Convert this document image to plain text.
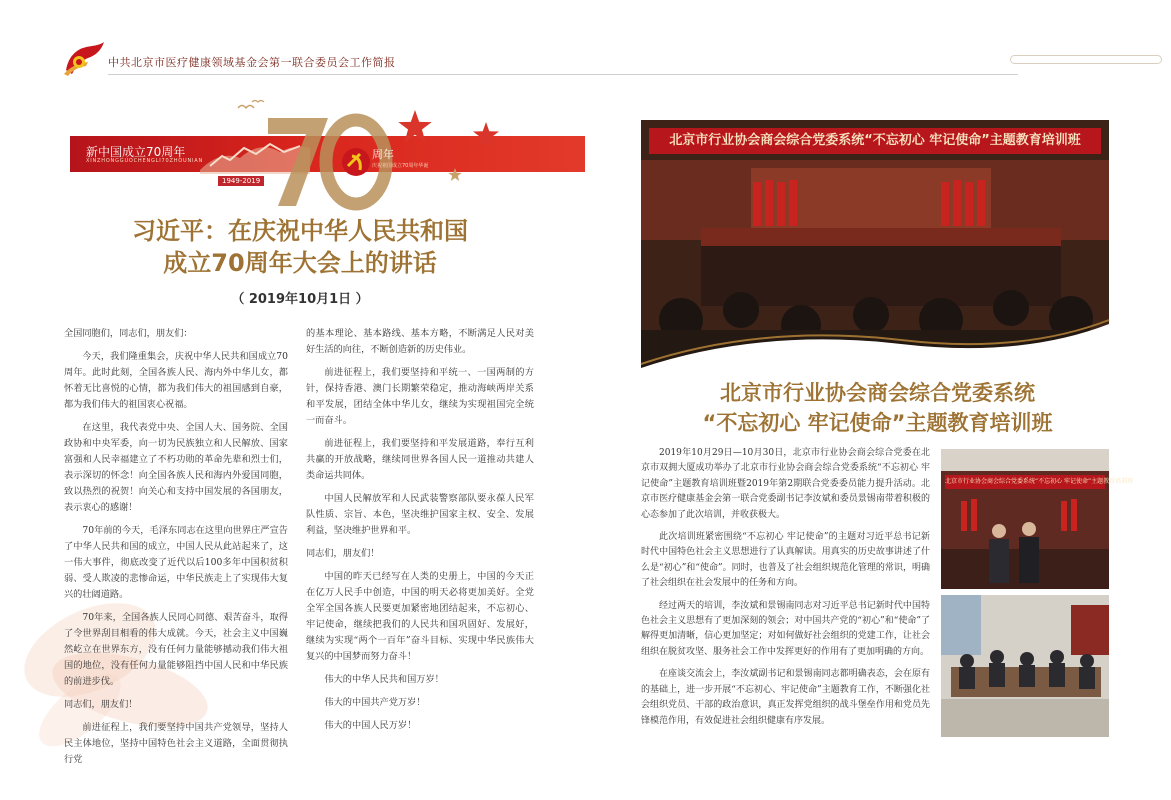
中共北京市医疗健康领域基金会第一联合委员会工作简报
新中国成立70周年
XINZHONGGUOCHENGLI70ZHOUNIAN
1949-2019
周年
庆祝祖国成立70周年华诞
习近平：在庆祝中华人民共和国
成立70周年大会上的讲话
（ 2019年10月1日 ）

全国同胞们，同志们，朋友们：

今天，我们隆重集会，庆祝中华人民共和国成立70周年。此时此刻，全国各族人民、海内外中华儿女，都怀着无比喜悦的心情，都为我们伟大的祖国感到自豪，都为我们伟大的祖国衷心祝福。

在这里，我代表党中央、全国人大、国务院、全国政协和中央军委，向一切为民族独立和人民解放、国家富强和人民幸福建立了不朽功勋的革命先辈和烈士们，表示深切的怀念！向全国各族人民和海内外爱国同胞，致以热烈的祝贺！向关心和支持中国发展的各国朋友，表示衷心的感谢！

70年前的今天，毛泽东同志在这里向世界庄严宣告了中华人民共和国的成立，中国人民从此站起来了，这一伟大事件，彻底改变了近代以后100多年中国积贫积弱、受人欺凌的悲惨命运，中华民族走上了实现伟大复兴的壮阔道路。

70年来，全国各族人民同心同德、艰苦奋斗，取得了令世界刮目相看的伟大成就。今天，社会主义中国巍然屹立在世界东方，没有任何力量能够撼动我们伟大祖国的地位，没有任何力量能够阻挡中国人民和中华民族的前进步伐。

同志们，朋友们！

前进征程上，我们要坚持中国共产党领导，坚持人民主体地位，坚持中国特色社会主义道路，全面贯彻执行党

的基本理论、基本路线、基本方略，不断满足人民对美好生活的向往，不断创造新的历史伟业。

前进征程上，我们要坚持和平统一、一国两制的方针，保持香港、澳门长期繁荣稳定，推动海峡两岸关系和平发展，团结全体中华儿女，继续为实现祖国完全统一而奋斗。

前进征程上，我们要坚持和平发展道路，奉行互利共赢的开放战略，继续同世界各国人民一道推动共建人类命运共同体。

中国人民解放军和人民武装警察部队要永葆人民军队性质、宗旨、本色，坚决维护国家主权、安全、发展利益，坚决维护世界和平。

同志们，朋友们！

中国的昨天已经写在人类的史册上，中国的今天正在亿万人民手中创造，中国的明天必将更加美好。全党全军全国各族人民要更加紧密地团结起来，不忘初心、牢记使命，继续把我们的人民共和国巩固好、发展好，继续为实现“两个一百年”奋斗目标、实现中华民族伟大复兴的中国梦而努力奋斗！

伟大的中华人民共和国万岁！

伟大的中国共产党万岁！

伟大的中国人民万岁！

北京市行业协会商会综合党委系统“不忘初心 牢记使命”主题教育培训班
北京市行业协会商会综合党委系统
“不忘初心 牢记使命”主题教育培训班

2019年10月29日—10月30日，北京市行业协会商会综合党委在北京市双拥大厦成功举办了北京市行业协会商会综合党委系统“不忘初心 牢记使命”主题教育培训班暨2019年第2期联合党委委员能力提升活动。北京市医疗健康基金会第一联合党委副书记李汝斌和委员景锡南带着积极的心态参加了此次培训，并收获极大。

此次培训班紧密围绕“不忘初心 牢记使命”的主题对习近平总书记新时代中国特色社会主义思想进行了认真解读。用真实的历史故事讲述了什么是“初心”和“使命”。同时，也普及了社会组织规范化管理的常识，明确了社会组织在社会发展中的任务和方向。

经过两天的培训，李汝斌和景锡南同志对习近平总书记新时代中国特色社会主义思想有了更加深刻的领会；对中国共产党的“初心”和“使命”了解得更加清晰，信心更加坚定；对如何做好社会组织的党建工作，让社会组织在脱贫攻坚、服务社会工作中发挥更好的作用有了更加明确的方向。

在座谈交流会上，李汝斌副书记和景锡南同志都明确表态，会在原有的基础上，进一步开展“不忘初心、牢记使命”主题教育工作，不断强化社会组织党员、干部的政治意识，真正发挥党组织的战斗堡垒作用和党员先锋模范作用，有效促进社会组织健康有序发展。

北京市行业协会商会综合党委系统“不忘初心 牢记使命”主题教育培训班
